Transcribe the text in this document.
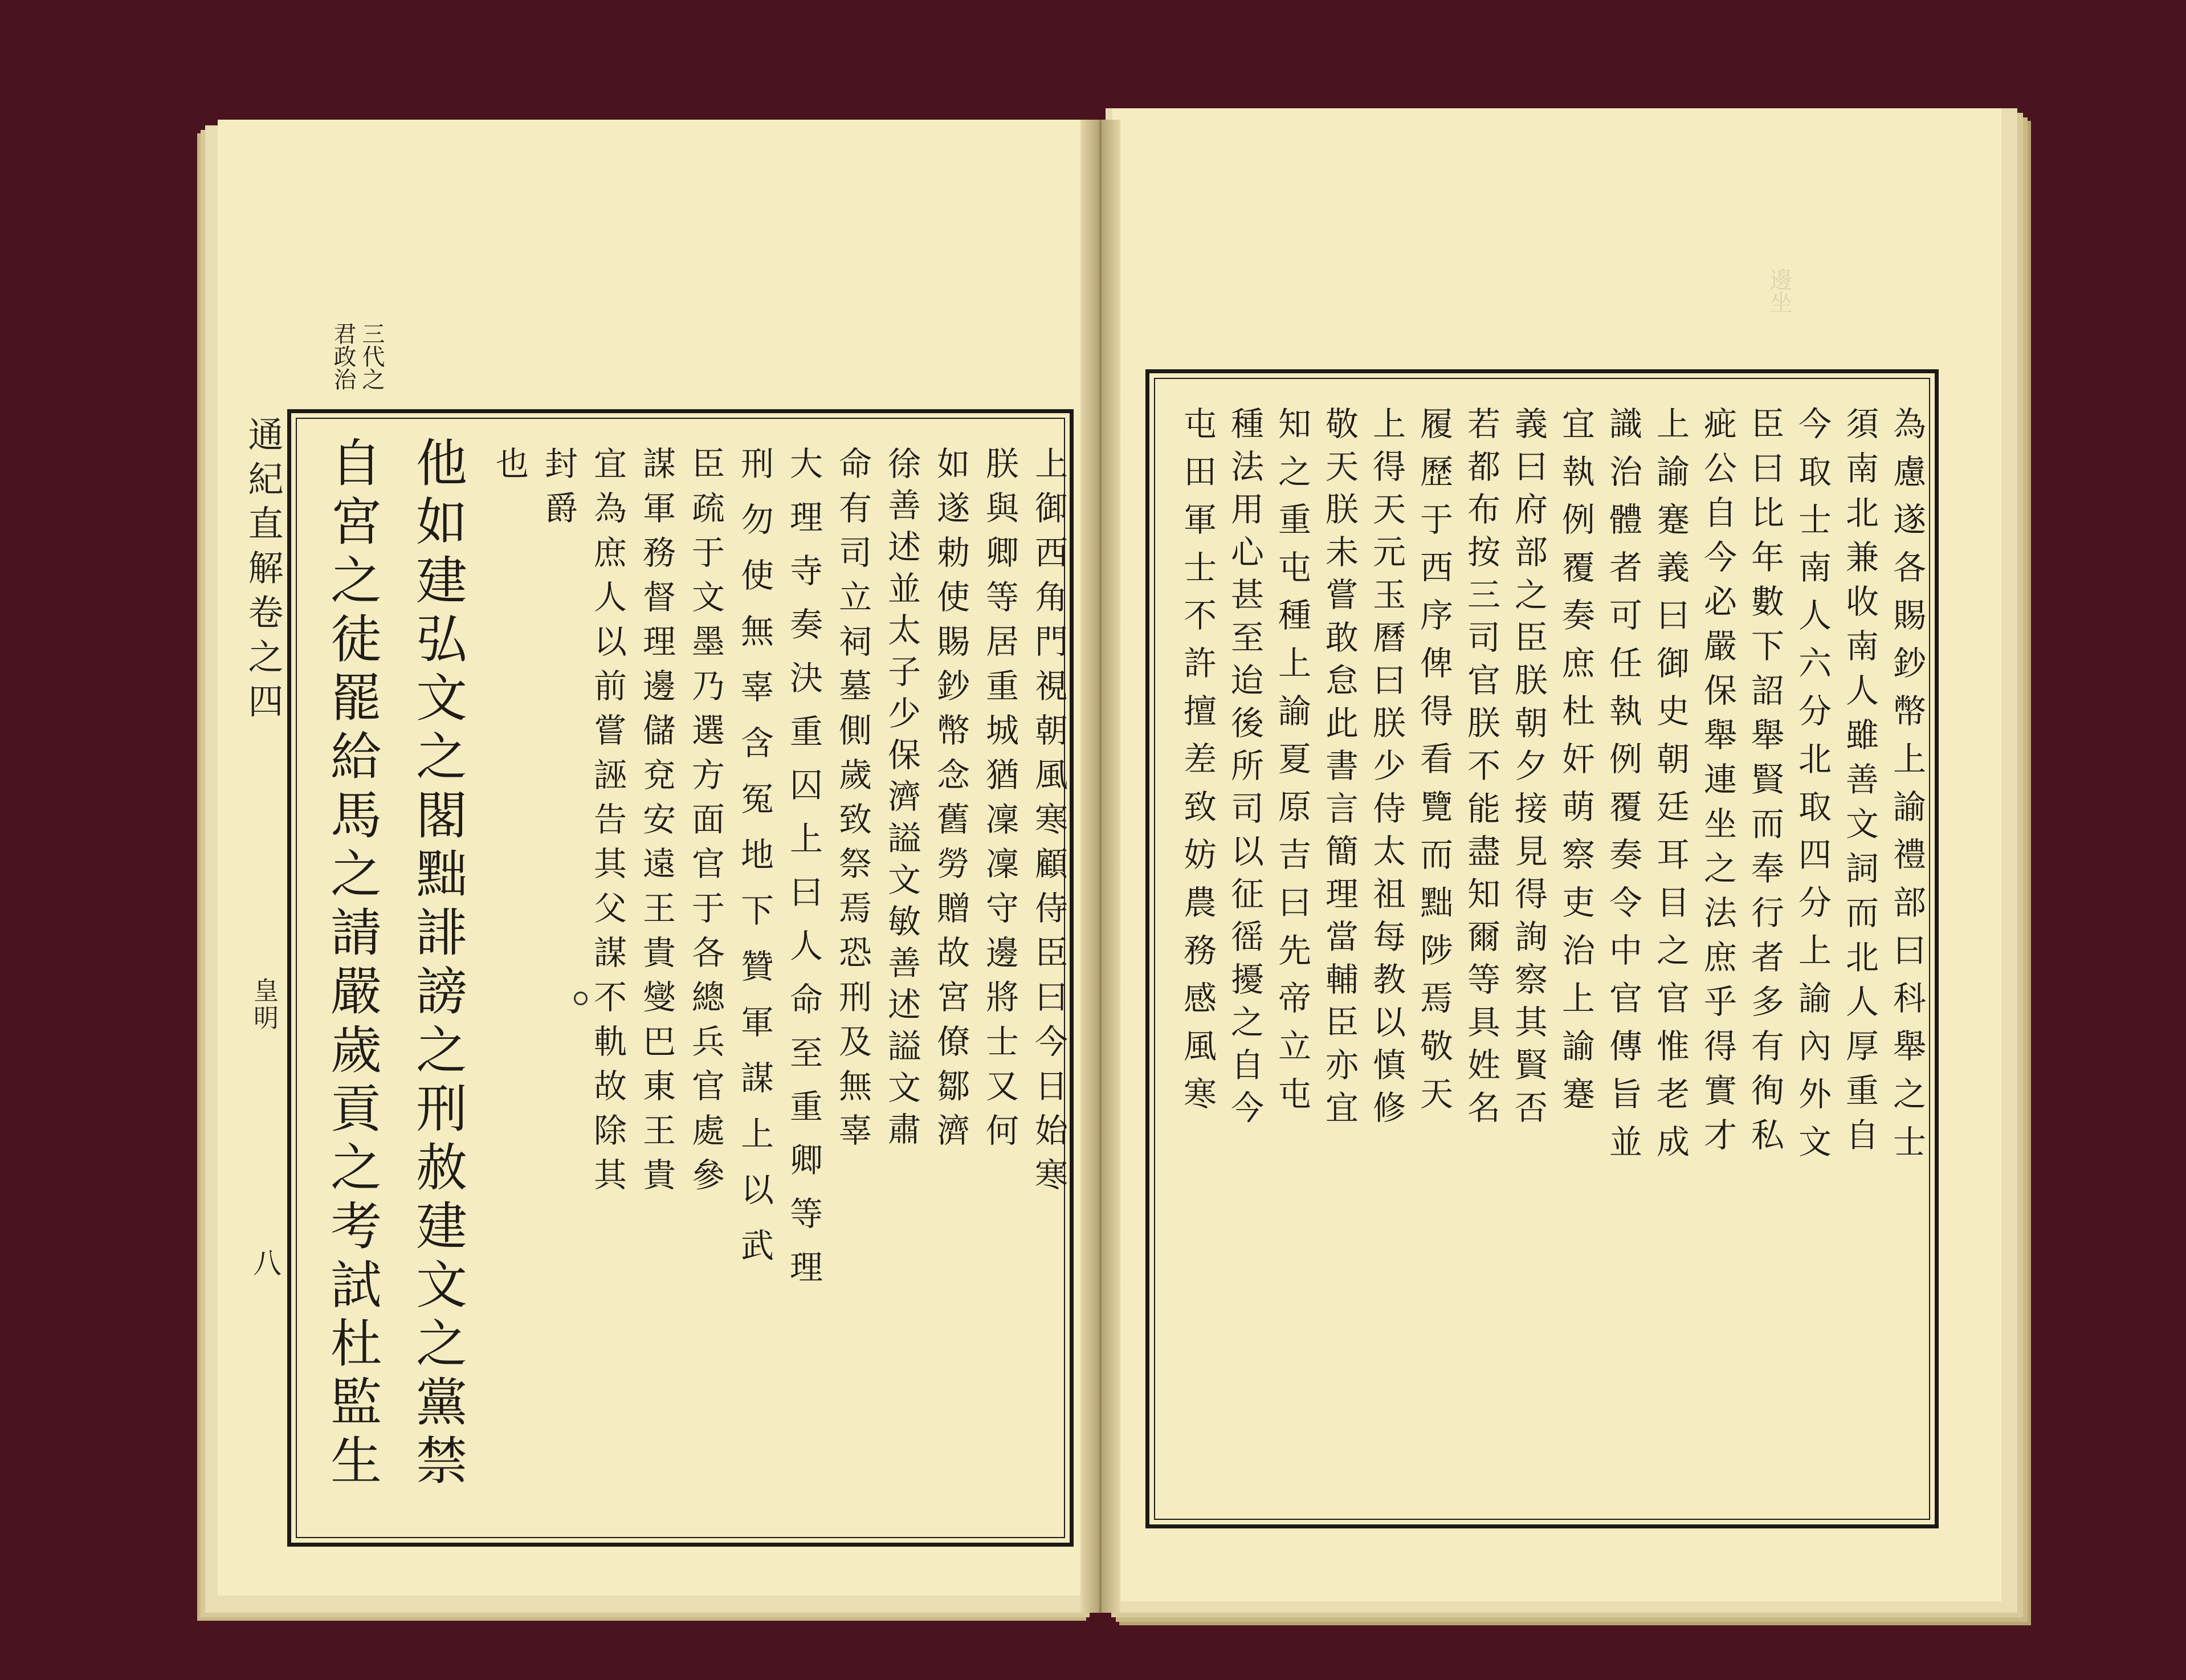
三代之
君政治
通紀直解卷之四
皇明
八
上御西角門視朝風寒顧侍臣曰今日始寒
朕與卿等居重城猶凜凜守邊將士又何
如遂勅使賜鈔幣念舊勞贈故宮僚鄒濟
徐善述並太子少保濟謚文敏善述謚文肅
命有司立祠墓側歲致祭焉恐刑及無辜
大理寺奏決重囚上曰人命至重卿等理
刑勿使無辜含冤地下贊軍謀上以武
臣疏于文墨乃選方面官于各總兵官處參
謀軍務督理邊儲兗安遠王貴燮巴東王貴
宜為庶人以前嘗誣告其父謀不軌故除其
封爵
也
他如建弘文之閣黜誹謗之刑赦建文之黨禁
自宮之徒罷給馬之請嚴歲貢之考試杜監生
邊坐
為慮遂各賜鈔幣上諭禮部曰科舉之士
須南北兼收南人雖善文詞而北人厚重自
今取士南人六分北取四分上諭內外文
臣曰比年數下詔舉賢而奉行者多有徇私
疵公自今必嚴保舉連坐之法庶乎得實才
上諭蹇義曰御史朝廷耳目之官惟老成
識治體者可任執例覆奏令中官傳旨並
宜執例覆奏庶杜奸萌察吏治上諭蹇
義曰府部之臣朕朝夕接見得詢察其賢否
若都布按三司官朕不能盡知爾等具姓名
履歷于西序俾得看覽而黜陟焉敬天
上得天元玉曆曰朕少侍太祖每教以慎修
敬天朕未嘗敢怠此書言簡理當輔臣亦宜
知之重屯種上諭夏原吉曰先帝立屯
種法用心甚至迨後所司以征徭擾之自今
屯田軍士不許擅差致妨農務感風寒
